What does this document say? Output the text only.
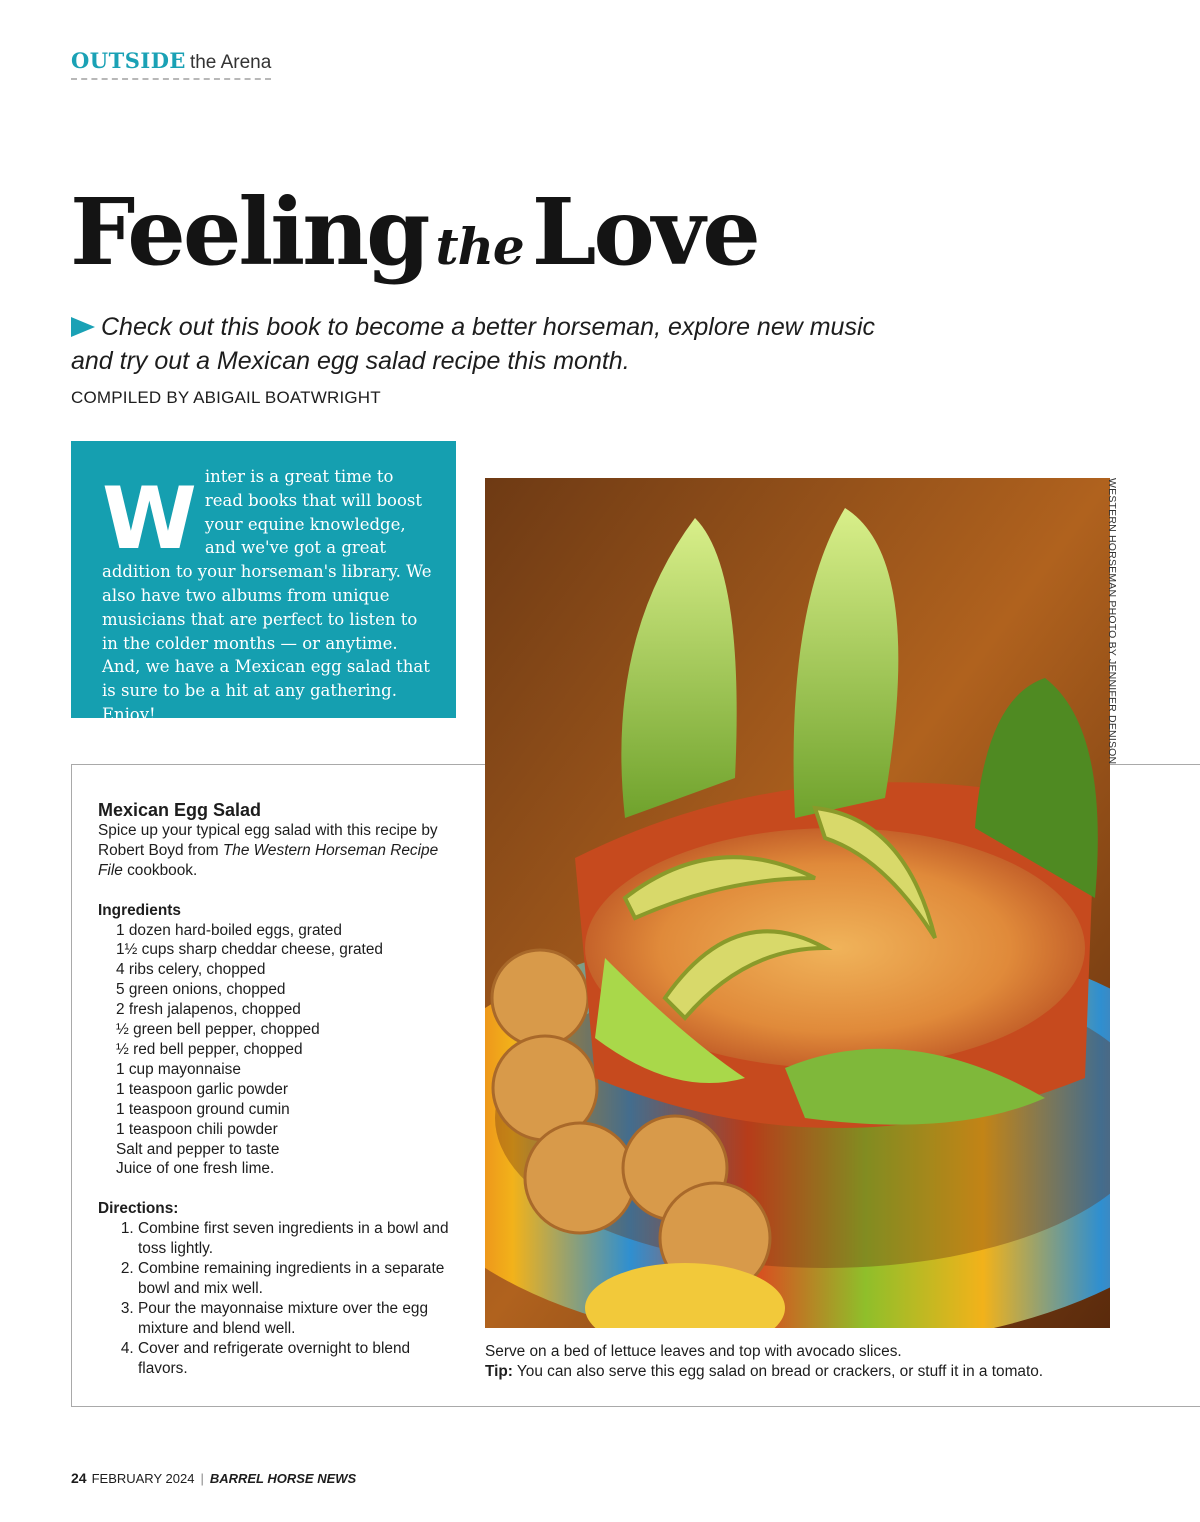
OUTSIDE the Arena
Feeling theLove
Check out this book to become a better horseman, explore new music and try out a Mexican egg salad recipe this month.
COMPILED BY ABIGAIL BOATWRIGHT
Winter is a great time to read books that will boost your equine knowledge, and we've got a great addition to your horseman's library. We also have two albums from unique musicians that are perfect to listen to in the colder months — or anytime. And, we have a Mexican egg salad that is sure to be a hit at any gathering. Enjoy!
Mexican Egg Salad
Spice up your typical egg salad with this recipe by Robert Boyd from The Western Horseman Recipe File cookbook.
Ingredients
1 dozen hard-boiled eggs, grated
1½ cups sharp cheddar cheese, grated
4 ribs celery, chopped
5 green onions, chopped
2 fresh jalapenos, chopped
½ green bell pepper, chopped
½ red bell pepper, chopped
1 cup mayonnaise
1 teaspoon garlic powder
1 teaspoon ground cumin
1 teaspoon chili powder
Salt and pepper to taste
Juice of one fresh lime.
Directions:
1. Combine first seven ingredients in a bowl and toss lightly.
2. Combine remaining ingredients in a separate bowl and mix well.
3. Pour the mayonnaise mixture over the egg mixture and blend well.
4. Cover and refrigerate overnight to blend flavors.
WESTERN HORSEMAN PHOTO BY JENNIFER DENISON
Serve on a bed of lettuce leaves and top with avocado slices.
Tip: You can also serve this egg salad on bread or crackers, or stuff it in a tomato.
24 FEBRUARY 2024 | BARREL HORSE NEWS
